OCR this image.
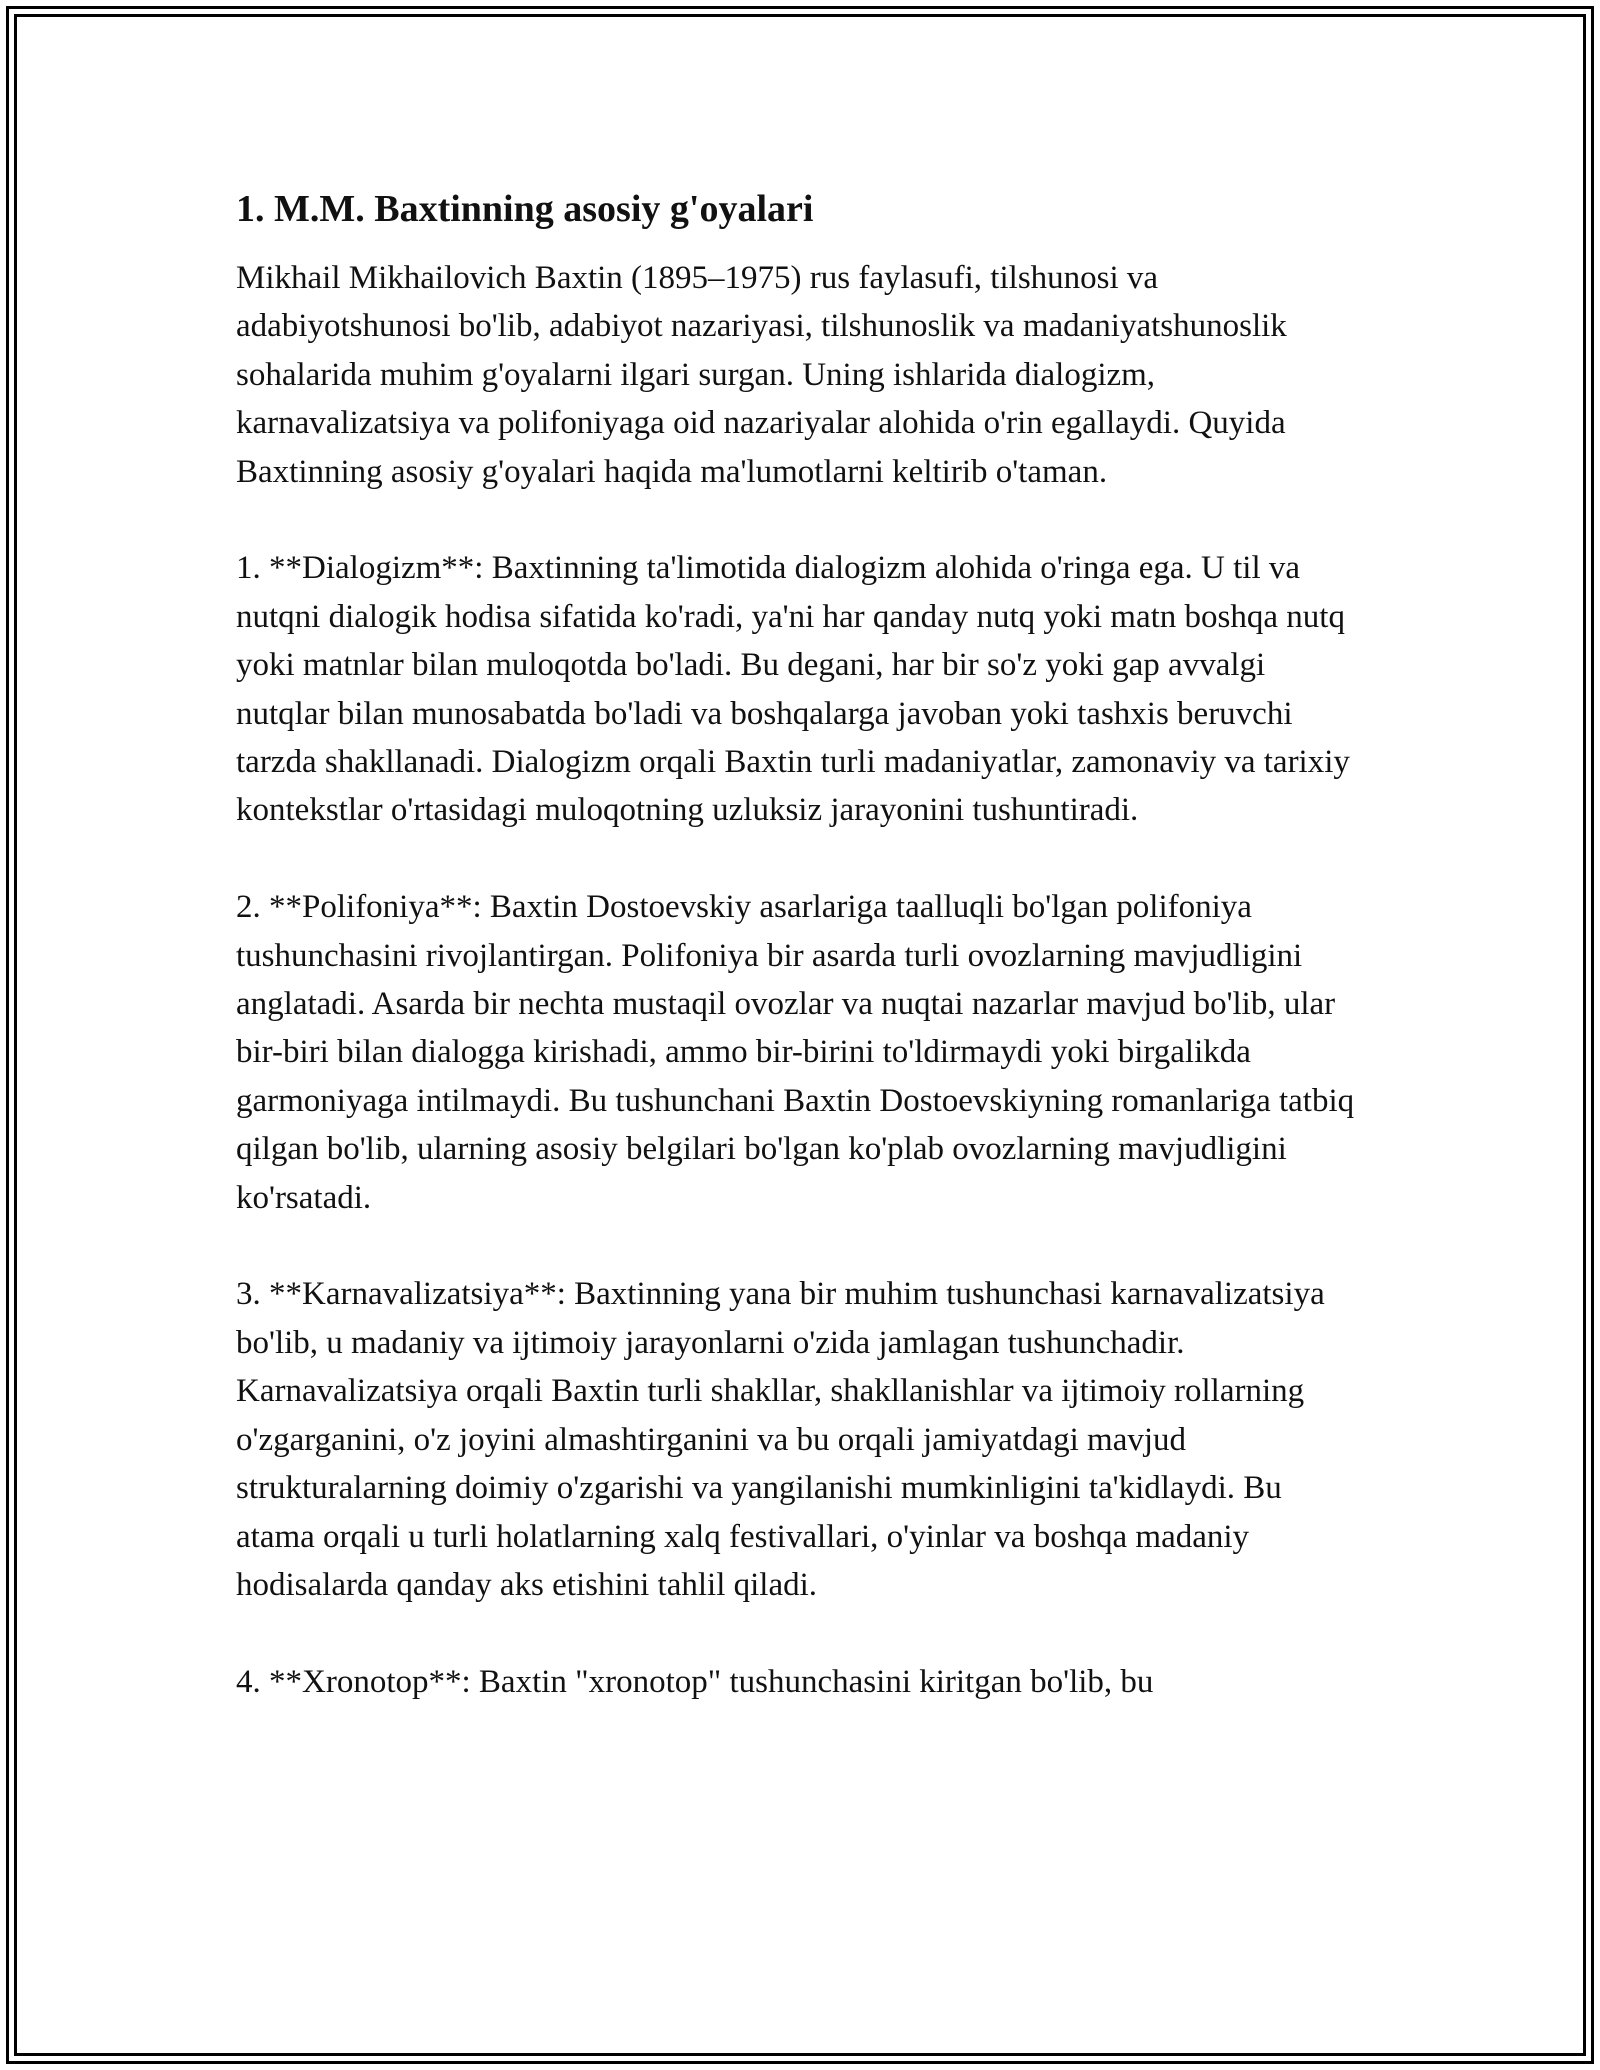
1. M.M. Baxtinning asosiy g'oyalari

Mikhail Mikhailovich Baxtin (1895–1975) rus faylasufi, tilshunosi va adabiyotshunosi bo'lib, adabiyot nazariyasi, tilshunoslik va madaniyatshunoslik sohalarida muhim g'oyalarni ilgari surgan. Uning ishlarida dialogizm, karnavalizatsiya va polifoniyaga oid nazariyalar alohida o'rin egallaydi. Quyida Baxtinning asosiy g'oyalari haqida ma'lumotlarni keltirib o'taman.

1. **Dialogizm**: Baxtinning ta'limotida dialogizm alohida o'ringa ega. U til va nutqni dialogik hodisa sifatida ko'radi, ya'ni har qanday nutq yoki matn boshqa nutq yoki matnlar bilan muloqotda bo'ladi. Bu degani, har bir so'z yoki gap avvalgi nutqlar bilan munosabatda bo'ladi va boshqalarga javoban yoki tashxis beruvchi tarzda shakllanadi. Dialogizm orqali Baxtin turli madaniyatlar, zamonaviy va tarixiy kontekstlar o'rtasidagi muloqotning uzluksiz jarayonini tushuntiradi.

2. **Polifoniya**: Baxtin Dostoevskiy asarlariga taalluqli bo'lgan polifoniya tushunchasini rivojlantirgan. Polifoniya bir asarda turli ovozlarning mavjudligini anglatadi. Asarda bir nechta mustaqil ovozlar va nuqtai nazarlar mavjud bo'lib, ular bir-biri bilan dialogga kirishadi, ammo bir-birini to'ldirmaydi yoki birgalikda garmoniyaga intilmaydi. Bu tushunchani Baxtin Dostoevskiyning romanlariga tatbiq qilgan bo'lib, ularning asosiy belgilari bo'lgan ko'plab ovozlarning mavjudligini ko'rsatadi.

3. **Karnavalizatsiya**: Baxtinning yana bir muhim tushunchasi karnavalizatsiya bo'lib, u madaniy va ijtimoiy jarayonlarni o'zida jamlagan tushunchadir. Karnavalizatsiya orqali Baxtin turli shakllar, shakllanishlar va ijtimoiy rollarning o'zgarganini, o'z joyini almashtirganini va bu orqali jamiyatdagi mavjud strukturalarning doimiy o'zgarishi va yangilanishi mumkinligini ta'kidlaydi. Bu atama orqali u turli holatlarning xalq festivallari, o'yinlar va boshqa madaniy hodisalarda qanday aks etishini tahlil qiladi.

4. **Xronotop**: Baxtin "xronotop" tushunchasini kiritgan bo'lib, bu
